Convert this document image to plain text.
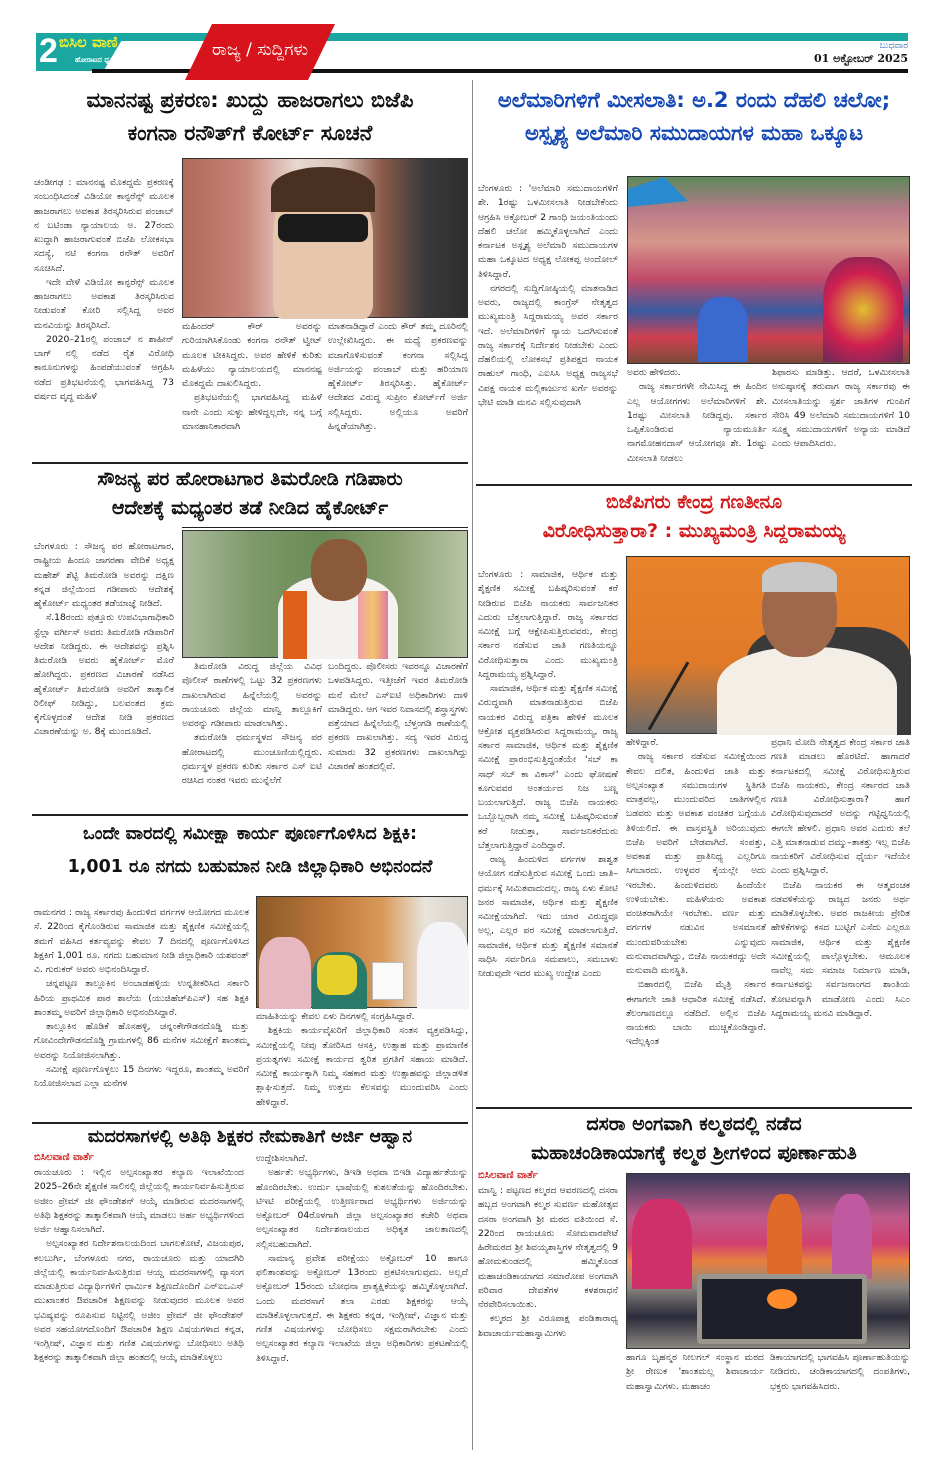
2 ಬಿಸಿಲ ವಾಣಿ
ಹೋರಾಟದ ಧ್ವನಿ	ರಾಜ್ಯ / ಸುದ್ದಿಗಳು	ಬುಧವಾರ
01 ಅಕ್ಟೋಬರ್ 2025
ಮಾನನಷ್ಟ ಪ್ರಕರಣ: ಖುದ್ದು ಹಾಜರಾಗಲು ಬಿಜೆಪಿ
ಕಂಗನಾ ರನೌತ್‌ಗೆ ಕೋರ್ಟ್ ಸೂಚನೆ

ಚಂಡೀಗಢ : ಮಾನನಷ್ಟ ಮೊಕದ್ದಮೆ ಪ್ರಕರಣಕ್ಕೆ ಸಂಬಂಧಿಸಿದಂತೆ ವಿಡಿಯೋ ಕಾನ್ಫರೆನ್ಸ್ ಮೂಲಕ ಹಾಜರಾಗಲು ಅವಕಾಶ ತಿರಸ್ಕರಿಸಿರುವ ಪಂಜಾಬ್ ನ ಬಟಿಂಡಾ ನ್ಯಾಯಾಲಯ ಅ. 27ರಂದು ಖುದ್ದಾಗಿ ಹಾಜರಾಗುವಂತೆ ಬಿಜೆಪಿ ಲೋಕಸಭಾ ಸದಸ್ಯೆ, ನಟಿ ಕಂಗನಾ ರನೌತ್ ಅವರಿಗೆ ಸೂಚಿಸಿದೆ.

ಇದೇ ವೇಳೆ ವಿಡಿಯೋ ಕಾನ್ಫರೆನ್ಸ್ ಮೂಲಕ ಹಾಜರಾಗಲು ಅವಕಾಶ ತಿರಸ್ಕರಿಸಿರುವ ನೀಡುವಂತೆ ಕೋರಿ ಸಲ್ಲಿಸಿದ್ದ ಅವರ ಮನವಿಯನ್ನು ತಿರಸ್ಕರಿಸಿದೆ.

2020–21ರಲ್ಲಿ ಪಂಜಾಬ್ ನ ಶಾಹೀನ್ ಬಾಗ್ ನಲ್ಲಿ ನಡೆದ ರೈತ ವಿರೋಧಿ ಕಾನೂನುಗಳನ್ನು ಹಿಂಪಡೆಯುವಂತೆ ಆಗ್ರಹಿಸಿ ನಡೆದ ಪ್ರತಿಭಟನೆಯಲ್ಲಿ ಭಾಗವಹಿಸಿದ್ದ 73 ವರ್ಷದ ವೃದ್ಧ ಮಹಿಳೆ

ಮಹಿಂದರ್ ಕೌರ್ ಅವರನ್ನು ಗುರಿಯಾಗಿಸಿಕೊಂಡು ಕಂಗನಾ ರನೌತ್ ಟ್ವೀಟ್ ಮೂಲಕ ಟೀಕಿಸಿದ್ದರು. ಅವರ ಹೇಳಿಕೆ ಕುರಿತು ಮಹಿಳೆಯು ನ್ಯಾಯಾಲಯದಲ್ಲಿ ಮಾನನಷ್ಟ ಮೊಕದ್ದಮೆ ದಾಖಲಿಸಿದ್ದರು.

ಪ್ರತಿಭಟನೆಯಲ್ಲಿ ಭಾಗವಹಿಸಿದ್ದ ಮಹಿಳೆ ನಾನೇ ಎಂದು ಸುಳ್ಳು ಹೇಳಿದ್ದಲ್ಲದೇ, ನನ್ನ ಬಗ್ಗೆ ಮಾನಹಾನಿಕಾರವಾಗಿ

ಮಾತನಾಡಿದ್ದಾರೆ ಎಂದು ಕೌರ್ ತಮ್ಮ ದೂರಿನಲ್ಲಿ ಉಲ್ಲೇಖಿಸಿದ್ದರು. ಈ ಮಧ್ಯೆ ಪ್ರಕರಣವನ್ನು ವಜಾಗೊಳಿಸುವಂತೆ ಕಂಗನಾ ಸಲ್ಲಿಸಿದ್ದ ಅರ್ಜಿಯನ್ನು ಪಂಜಾಬ್ ಮತ್ತು ಹರಿಯಾಣ ಹೈಕೋರ್ಟ್ ತಿರಸ್ಕರಿಸಿತ್ತು. ಹೈಕೋರ್ಟ್ ಆದೇಶದ ವಿರುದ್ಧ ಸುಪ್ರೀಂ ಕೋರ್ಟ್‌ಗೆ ಅರ್ಜಿ ಸಲ್ಲಿಸಿದ್ದರು. ಅಲ್ಲಿಯೂ ಅವರಿಗೆ ಹಿನ್ನಡೆಯಾಗಿತ್ತು.

ಅಲೆಮಾರಿಗಳಿಗೆ ಮೀಸಲಾತಿ: ಅ.2 ರಂದು ದೆಹಲಿ ಚಲೋ;
ಅಸ್ಪೃಶ್ಯ ಅಲೆಮಾರಿ ಸಮುದಾಯಗಳ ಮಹಾ ಒಕ್ಕೂಟ

ಬೆಂಗಳೂರು : 'ಅಲೆಮಾರಿ ಸಮುದಾಯಗಳಿಗೆ ಶೇ. 1ರಷ್ಟು ಒಳಮೀಸಲಾತಿ ನೀಡಬೇಕೆಂದು ಆಗ್ರಹಿಸಿ ಅಕ್ಟೋಬರ್ 2 ಗಾಂಧಿ ಜಯಂತಿಯಂದು ದೆಹಲಿ ಚಲೋ ಹಮ್ಮಿಕೊಳ್ಳಲಾಗಿದೆ ಎಂದು ಕರ್ನಾಟಕ ಅಸ್ಪೃಶ್ಯ ಅಲೆಮಾರಿ ಸಮುದಾಯಗಳ ಮಹಾ ಒಕ್ಕೂಟದ ಅಧ್ಯಕ್ಷ ಲೋಕಪ್ಪ ಅಂದೋಲ್ ತಿಳಿಸಿದ್ದಾರೆ.

ನಗರದಲ್ಲಿ ಸುದ್ದಿಗೋಷ್ಠಿಯಲ್ಲಿ ಮಾತನಾಡಿದ ಅವರು, ರಾಜ್ಯದಲ್ಲಿ ಕಾಂಗ್ರೆಸ್ ನೇತೃತ್ವದ ಮುಖ್ಯಮಂತ್ರಿ ಸಿದ್ದರಾಮಯ್ಯ ಅವರ ಸರ್ಕಾರ ಇದೆ. ಅಲೆಮಾರಿಗಳಿಗೆ ನ್ಯಾಯ ಒದಗಿಸುವಂತೆ ರಾಜ್ಯ ಸರ್ಕಾರಕ್ಕೆ ನಿರ್ದೇಶನ ನೀಡಬೇಕು ಎಂದು ದೆಹಲಿಯಲ್ಲಿ ಲೋಕಸಭೆ ಪ್ರತಿಪಕ್ಷದ ನಾಯಕ ರಾಹುಲ್ ಗಾಂಧಿ, ಎಐಸಿಸಿ ಅಧ್ಯಕ್ಷ ರಾಜ್ಯಸಭೆ ವಿಪಕ್ಷ ನಾಯಕ ಮಲ್ಲಿಕಾರ್ಜುನ ಖರ್ಗೆ ಅವರನ್ನು ಭೇಟಿ ಮಾಡಿ ಮನವಿ ಸಲ್ಲಿಸುವುದಾಗಿ

ಅವರು ಹೇಳಿದರು.

ರಾಜ್ಯ ಸರ್ಕಾರಗಳೇ ನೇಮಿಸಿದ್ದ ಈ ಹಿಂದಿನ ಎಲ್ಲ ಆಯೋಗಗಳು ಅಲೆಮಾರಿಗಳಿಗೆ ಶೇ. 1ರಷ್ಟು ಮೀಸಲಾತಿ ನೀಡಿದ್ದವು. ಸರ್ಕಾರ ಒಪ್ಪಿಕೊಂಡಿರುವ ನ್ಯಾಯಮೂರ್ತಿ ನಾಗಮೋಹನದಾಸ್ ಆಯೋಗವೂ ಶೇ. 1ರಷ್ಟು ಮೀಸಲಾತಿ ನೀಡಲು

ಶಿಫಾರಸು ಮಾಡಿತ್ತು. ಆದರೆ, ಒಳಮೀಸಲಾತಿ ಅನುಷ್ಠಾನಕ್ಕೆ ತರುವಾಗ ರಾಜ್ಯ ಸರ್ಕಾರವು ಈ ಮೀಸಲಾತಿಯನ್ನು ಸ್ಪರ್ಶ ಜಾತಿಗಳ ಗುಂಪಿಗೆ ಸೇರಿಸಿ 49 ಅಲೆಮಾರಿ ಸಮುದಾಯಗಳಿಗೆ 10 ಸೂಕ್ಷ್ಮ ಸಮುದಾಯಗಳಿಗೆ ಅನ್ಯಾಯ ಮಾಡಿದೆ ಎಂದು ಆಪಾದಿಸಿದರು.

ಸೌಜನ್ಯ ಪರ ಹೋರಾಟಗಾರ ತಿಮರೋಡಿ ಗಡಿಪಾರು
ಆದೇಶಕ್ಕೆ ಮಧ್ಯಂತರ ತಡೆ ನೀಡಿದ ಹೈಕೋರ್ಟ್

ಬೆಂಗಳೂರು : ಸೌಜನ್ಯ ಪರ ಹೋರಾಟಗಾರ, ರಾಷ್ಟ್ರೀಯ ಹಿಂದೂ ಜಾಗರಣಾ ವೇದಿಕೆ ಅಧ್ಯಕ್ಷ ಮಹೇಶ್ ಶೆಟ್ಟಿ ತಿಮರೋಡಿ ಅವರನ್ನು ದಕ್ಷಿಣ ಕನ್ನಡ ಜಿಲ್ಲೆಯಿಂದ ಗಡೀಪಾರು ಆದೇಶಕ್ಕೆ ಹೈಕೋರ್ಟ್ ಮಧ್ಯಂತರ ತಡೆಯಾಜ್ಞೆ ನೀಡಿದೆ.

ಸೆ.18ರಂದು ಪುತ್ತೂರು ಉಪವಿಭಾಗಾಧಿಕಾರಿ ಸ್ಟೆಲ್ಲಾ ವರ್ಗೀಸ್ ಅವರು ತಿಮರೋಡಿ ಗಡಿಪಾರಿಗೆ ಆದೇಶ ನೀಡಿದ್ದರು. ಈ ಆದೇಶವನ್ನು ಪ್ರಶ್ನಿಸಿ ತಿಮರೋಡಿ ಅವರು ಹೈಕೋರ್ಟ್ ಮೊರೆ ಹೋಗಿದ್ದರು. ಪ್ರಕರಣದ ವಿಚಾರಣೆ ನಡೆಸಿದ ಹೈಕೋರ್ಟ್ ತಿಮರೋಡಿ ಅವರಿಗೆ ತಾತ್ಕಾಲಿಕ ರಿಲೀಫ್ ನೀಡಿದ್ದು, ಬಲವಂತದ ಕ್ರಮ ಕೈಗೊಳ್ಳದಂತೆ ಆದೇಶ ನೀಡಿ ಪ್ರಕರಣದ ವಿಚಾರಣೆಯನ್ನು ಅ. 8ಕ್ಕೆ ಮುಂದೂಡಿದೆ.

ತಿಮರೋಡಿ ವಿರುದ್ಧ ಜಿಲ್ಲೆಯ ವಿವಿಧ ಪೊಲೀಸ್ ಠಾಣೆಗಳಲ್ಲಿ ಒಟ್ಟು 32 ಪ್ರಕರಣಗಳು ದಾಖಲಾಗಿರುವ ಹಿನ್ನೆಲೆಯಲ್ಲಿ ಅವರನ್ನು ರಾಯಚೂರು ಜಿಲ್ಲೆಯ ಮಾನ್ವಿ ತಾಲ್ಲೂಕಿಗೆ ಅವರನ್ನು ಗಡೀಪಾರು ಮಾಡಲಾಗಿತ್ತು.

ತಮರೋಡಿ ಧರ್ಮಸ್ಥಳದ ಸೌಜನ್ಯ ಪರ ಹೋರಾಟದಲ್ಲಿ ಮುಂಚೂಣಿಯಲ್ಲಿದ್ದರು. ಧರ್ಮಸ್ಥಳ ಪ್ರಕರಣ ಕುರಿತು ಸರ್ಕಾರ ಎಸ್ ಐಟಿ ರಚಿಸಿದ ನಂತರ ಇವರು ಮುನ್ನೆಲೆಗೆ

ಬಂದಿದ್ದರು. ಪೊಲೀಸರು ಇವರನ್ನೂ ವಿಚಾರಣೆಗೆ ಒಳಪಡಿಸಿದ್ದರು. ಇತ್ತೀಚೆಗೆ ಇವರ ತಿಮರೋಡಿ ಮನೆ ಮೇಲೆ ಎಸ್‌ಐಟಿ ಅಧಿಕಾರಿಗಳು ದಾಳಿ ಮಾಡಿದ್ದರು. ಆಗ ಇವರ ನಿವಾಸದಲ್ಲಿ ಶಸ್ತ್ರಾಸ್ತ್ರಗಳು ಪತ್ತೆಯಾದ ಹಿನ್ನೆಲೆಯಲ್ಲಿ ಬೆಳ್ತಂಗಡಿ ಠಾಣೆಯಲ್ಲಿ ಪ್ರಕರಣ ದಾಖಲಾಗಿತ್ತು. ಸದ್ಯ ಇವರ ವಿರುದ್ಧ ಸುಮಾರು 32 ಪ್ರಕರಣಗಳು ದಾಖಲಾಗಿದ್ದು ವಿಚಾರಣೆ ಹಂತದಲ್ಲಿವೆ.

ಬಿಜೆಪಿಗರು ಕೇಂದ್ರ ಗಣತೀನೂ
ವಿರೋಧಿಸುತ್ತಾರಾ? : ಮುಖ್ಯಮಂತ್ರಿ ಸಿದ್ದರಾಮಯ್ಯ

ಬೆಂಗಳೂರು : ಸಾಮಾಜಿಕ, ಆರ್ಥಿಕ ಮತ್ತು ಶೈಕ್ಷಣಿಕ ಸಮೀಕ್ಷೆ ಬಹಿಷ್ಕರಿಸುವಂತೆ ಕರೆ ನೀಡಿರುವ ಬಿಜೆಪಿ ನಾಯಕರು ಸಾರ್ವಜನಿಕರ ಎದುರು ಬೆತ್ತಲಾಗುತ್ತಿದ್ದಾರೆ. ರಾಜ್ಯ ಸರ್ಕಾರದ ಸಮೀಕ್ಷೆ ಬಗ್ಗೆ ಆಕ್ಷೇಪಿಸುತ್ತಿರುವವರು, ಕೇಂದ್ರ ಸರ್ಕಾರ ನಡೆಸುವ ಜಾತಿ ಗಣತಿಯನ್ನೂ ವಿರೋಧಿಸುತ್ತಾರಾ ಎಂದು ಮುಖ್ಯಮಂತ್ರಿ ಸಿದ್ದರಾಮಯ್ಯ ಪ್ರಶ್ನಿಸಿದ್ದಾರೆ.

ಸಾಮಾಜಿಕ, ಆರ್ಥಿಕ ಮತ್ತು ಶೈಕ್ಷಣಿಕ ಸಮೀಕ್ಷೆ ವಿರುದ್ಧವಾಗಿ ಮಾತನಾಡುತ್ತಿರುವ ಬಿಜೆಪಿ ನಾಯಕರ ವಿರುದ್ಧ ಪತ್ರಿಕಾ ಹೇಳಿಕೆ ಮೂಲಕ ಆಕ್ರೋಶ ವ್ಯಕ್ತಪಡಿಸಿರುವ ಸಿದ್ದರಾಮಯ್ಯ, ರಾಜ್ಯ ಸರ್ಕಾರ ಸಾಮಾಜಿಕ, ಆರ್ಥಿಕ ಮತ್ತು ಶೈಕ್ಷಣಿಕ ಸಮೀಕ್ಷೆ ಪ್ರಾರಂಭಿಸುತ್ತಿದ್ದಂತೆಯೇ 'ಸಬ್ ಕಾ ಸಾಥ್ ಸಬ್ ಕಾ ವಿಕಾಸ್' ಎಂದು ಘೋಷಣೆ ಕೂಗುವವರ ಅಂತರ್ಯದ ನಿಜ ಬಣ್ಣ ಬಯಲಾಗುತ್ತಿದೆ. ರಾಜ್ಯ ಬಿಜೆಪಿ ನಾಯಕರು ಒಬ್ಬೊಬ್ಬರಾಗಿ ನಮ್ಮ ಸಮೀಕ್ಷೆ ಬಹಿಷ್ಕರಿಸುವಂತೆ ಕರೆ ನೀಡುತ್ತಾ, ಸಾರ್ವಜನಿಕರೆದುರು ಬೆತ್ತಲಾಗುತ್ತಿದ್ದಾರೆ ಎಂದಿದ್ದಾರೆ.

ರಾಜ್ಯ ಹಿಂದುಳಿದ ವರ್ಗಗಳ ಶಾಶ್ವತ ಆಯೋಗ ನಡೆಸುತ್ತಿರುವ ಸಮೀಕ್ಷೆ ಒಂದು ಜಾತಿ–ಧರ್ಮಕ್ಕೆ ಸೀಮಿತವಾದುದಲ್ಲ. ರಾಜ್ಯ ಏಳು ಕೋಟಿ ಜನರ ಸಾಮಾಜಿಕ, ಆರ್ಥಿಕ ಮತ್ತು ಶೈಕ್ಷಣಿಕ ಸಮೀಕ್ಷೆಯಾಗಿದೆ. ಇದು ಯಾರ ವಿರುದ್ಧವೂ ಅಲ್ಲ, ಎಲ್ಲರ ಪರ ಸಮೀಕ್ಷೆ ಮಾಡಲಾಗುತ್ತಿದೆ. ಸಾಮಾಜಿಕ, ಆರ್ಥಿಕ ಮತ್ತು ಶೈಕ್ಷಣಿಕ ಸಮಾನತೆ ಸಾಧಿಸಿ ಸರ್ವರಿಗೂ ಸಮಪಾಲು, ಸಮಬಾಳು ನೀಡುವುದೇ ಇದರ ಮುಖ್ಯ ಉದ್ದೇಶ ಎಂದು

ಹೇಳಿದ್ದಾರೆ.

ರಾಜ್ಯ ಸರ್ಕಾರ ನಡೆಸುವ ಸಮೀಕ್ಷೆಯಿಂದ ಕೇವಲ ದಲಿತ, ಹಿಂದುಳಿದ ಜಾತಿ ಮತ್ತು ಅಲ್ಪಸಂಖ್ಯಾತ ಸಮುದಾಯಗಳ ಸ್ಥಿತಿಗತಿ ಮಾತ್ರವಲ್ಲ, ಮುಂದುವರಿದ ಜಾತಿಗಳಲ್ಲಿನ ಬಡವರು ಮತ್ತು ಅವಕಾಶ ವಂಚಿತರ ಬಗ್ಗೆಯೂ ತಿಳಿಯಲಿದೆ. ಈ ವಾಸ್ತವಸ್ಥಿತಿ ಅರಿಯುವುದು ಬಿಜೆಪಿ ಅವರಿಗೆ ಬೇಡವಾಗಿದೆ. ಸಂಪತ್ತು, ಅವಕಾಶ ಮತ್ತು ಪ್ರಾತಿನಿಧ್ಯ ಎಲ್ಲರಿಗೂ ಸಿಗಬಾರದು. ಉಳ್ಳವರ ಕೈಯಲ್ಲೇ ಅದು ಇರಬೇಕು. ಹಿಂದುಳಿದವರು ಹಿಂದೆಯೇ ಉಳಿಯಬೇಕು. ಮಹಿಳೆಯರು ಅವಕಾಶ ವಂಚಿತರಾಗಿಯೇ ಇರಬೇಕು. ವರ್ಣ ಮತ್ತು ವರ್ಗಗಳ ನಡುವಿನ ಅಸಮಾನತೆ ಮುಂದುವರಿಯಬೇಕು ಎನ್ನುವುದು ಮನುವಾದವಾಗಿದ್ದು, ಬಿಜೆಪಿ ನಾಯಕರದ್ದು ಅದೇ ಮನುವಾದಿ ಮನಸ್ಥಿತಿ.

ಬಿಹಾರದಲ್ಲಿ ಬಿಜೆಪಿ ಮೈತ್ರಿ ಸರ್ಕಾರ ಈಗಾಗಲೇ ಜಾತಿ ಆಧಾರಿತ ಸಮೀಕ್ಷೆ ನಡೆಸಿದೆ. ತೆಲಂಗಾಣದಲ್ಲೂ ನಡೆದಿದೆ. ಅಲ್ಲಿನ ಬಿಜೆಪಿ ನಾಯಕರು ಬಾಯಿ ಮುಚ್ಚಿಕೊಂಡಿದ್ದಾರೆ. ಇದೆಲ್ಲಕ್ಕಿಂತ

ಪ್ರಧಾನಿ ಮೋದಿ ನೇತೃತ್ವದ ಕೇಂದ್ರ ಸರ್ಕಾರ ಜಾತಿ ಗಣತಿ ಮಾಡಲು ಹೊರಟಿದೆ. ಹಾಗಾದರೆ ಕರ್ನಾಟಕದಲ್ಲಿ ಸಮೀಕ್ಷೆ ವಿರೋಧಿಸುತ್ತಿರುವ ಬಿಜೆಪಿ ನಾಯಕರು, ಕೇಂದ್ರ ಸರ್ಕಾರದ ಜಾತಿ ಗಣತಿ ವಿರೋಧಿಸುತ್ತಾರಾ? ಹಾಗೆ ವಿರೋಧಿಸುವುದಾದರೆ ಅದನ್ನು ಗಟ್ಟಿಧ್ವನಿಯಲ್ಲಿ ಈಗಲೇ ಹೇಳಲಿ. ಪ್ರಧಾನಿ ಅವರ ಎದುರು ತಲೆ ಎತ್ತಿ ಮಾತನಾಡುವ ದಮ್ಮು–ತಾಕತ್ತು ಇಲ್ಲ ಬಿಜೆಪಿ ನಾಯಕರಿಗೆ ವಿರೋಧಿಸುವ ಧೈರ್ಯ ಇದೆಯೇ ಎಂದು ಪ್ರಶ್ನಿಸಿದ್ದಾರೆ.

ಬಿಜೆಪಿ ನಾಯಕರ ಈ ಆತ್ಮವಂಚಕ ನಡವಳಿಕೆಯನ್ನು ರಾಜ್ಯದ ಜನರು ಅರ್ಥ ಮಾಡಿಕೊಳ್ಳಬೇಕು. ಅವರ ರಾಜಕೀಯ ಪ್ರೇರಿತ ಹೇಳಿಕೆಗಳನ್ನು ಕಸದ ಬುಟ್ಟಿಗೆ ಎಸೆದು ಎಲ್ಲರೂ ಸಾಮಾಜಿಕ, ಆರ್ಥಿಕ ಮತ್ತು ಶೈಕ್ಷಣಿಕ ಸಮೀಕ್ಷೆಯಲ್ಲಿ ಪಾಲ್ಗೊಳ್ಳಬೇಕು. ಆಮೂಲಕ ನಾವೆಲ್ಲ ಸಮ ಸಮಾಜ ನಿರ್ಮಾಣ ಮಾಡಿ, ಕರ್ನಾಟಕವನ್ನು ಸರ್ವಜನಾಂಗದ ಶಾಂತಿಯ ತೋಟವನ್ನಾಗಿ ಮಾಡೋಣ ಎಂದು ಸಿಎಂ ಸಿದ್ದರಾಮಯ್ಯ ಮನವಿ ಮಾಡಿದ್ದಾರೆ.

ಒಂದೇ ವಾರದಲ್ಲಿ ಸಮೀಕ್ಷಾ ಕಾರ್ಯ ಪೂರ್ಣಗೊಳಿಸಿದ ಶಿಕ್ಷಕಿ:
1,001 ರೂ ನಗದು ಬಹುಮಾನ ನೀಡಿ ಜಿಲ್ಲಾಧಿಕಾರಿ ಅಭಿನಂದನೆ

ರಾಮನಗರ : ರಾಜ್ಯ ಸರ್ಕಾರವು ಹಿಂದುಳಿದ ವರ್ಗಗಳ ಆಯೋಗದ ಮೂಲಕ ಸೆ. 22ರಿಂದ ಕೈಗೊಂಡಿರುವ ಸಾಮಾಜಿಕ ಮತ್ತು ಶೈಕ್ಷಣಿಕ ಸಮೀಕ್ಷೆಯಲ್ಲಿ ತಮಗೆ ವಹಿಸಿದ ಕರ್ತವ್ಯವನ್ನು ಕೇವಲ 7 ದಿನದಲ್ಲಿ ಪೂರ್ಣಗೊಳಿಸಿದ ಶಿಕ್ಷಕಿಗೆ 1,001 ರೂ. ನಗದು ಬಹುಮಾನ ನೀಡಿ ಜಿಲ್ಲಾಧಿಕಾರಿ ಯಶವಂತ್ ವಿ. ಗುರುಕರ್ ಅವರು ಅಭಿನಂದಿಸಿದ್ದಾರೆ.

ಚನ್ನಪಟ್ಟಣ ತಾಲ್ಲೂಕಿನ ಅಂಬಾಡಹಳ್ಳಿಯ ಉನ್ನತೀಕರಿಸಿದ ಸರ್ಕಾರಿ ಹಿರಿಯ ಪ್ರಾಥಮಿಕ ಪಾಠ ಶಾಲೆಯ (ಯುಜಿಹೆಚ್‌ಪಿಎಸ್) ಸಹ ಶಿಕ್ಷಕಿ ಶಾಂತಮ್ಮ ಅವರಿಗೆ ಜಿಲ್ಲಾಧಿಕಾರಿ ಅಭಿನಂದಿಸಿದ್ದಾರೆ.

ತಾಲ್ಲೂಕಿನ ಹೊಡಿಕೆ ಹೊಸಹಳ್ಳಿ, ಚನ್ನಂಕೇಗೌಡನದೊಡ್ಡಿ ಮತ್ತು ಗೋವಿಂದೇಗೌಡನದೊಡ್ಡಿ ಗ್ರಾಮಗಳಲ್ಲಿ 86 ಮನೆಗಳ ಸಮೀಕ್ಷೆಗೆ ಶಾಂತಮ್ಮ ಅವರನ್ನು ನಿಯೋಜಿಸಲಾಗಿತ್ತು.

ಸಮೀಕ್ಷೆ ಪೂರ್ಣಗೊಳ್ಳಲು 15 ದಿನಗಳು ಇದ್ದರೂ, ಶಾಂತಮ್ಮ ಅವರಿಗೆ ನಿಯೋಜಿಸಲಾದ ಎಲ್ಲಾ ಮನೆಗಳ

ಮಾಹಿತಿಯನ್ನು ಕೇವಲ ಏಳು ದಿನಗಳಲ್ಲಿ ಸಂಗ್ರಹಿಸಿದ್ದಾರೆ.

ಶಿಕ್ಷಕಿಯ ಕಾರ್ಯವೈಖರಿಗೆ ಜಿಲ್ಲಾಧಿಕಾರಿ ಸಂತಸ ವ್ಯಕ್ತಪಡಿಸಿದ್ದು, ಸಮೀಕ್ಷೆಯಲ್ಲಿ ನೀವು ತೋರಿಸಿದ ಆಸಕ್ತಿ, ಉತ್ಸಾಹ ಮತ್ತು ಪ್ರಾಮಾಣಿಕ ಪ್ರಯತ್ನಗಳು ಸಮೀಕ್ಷೆ ಕಾರ್ಯದ ತ್ವರಿತ ಪ್ರಗತಿಗೆ ಸಹಾಯ ಮಾಡಿದೆ. ಸಮೀಕ್ಷೆ ಕಾರ್ಯಕ್ಕಾಗಿ ನಿಮ್ಮ ಸಹಕಾರ ಮತ್ತು ಉತ್ಸಾಹವನ್ನು ಜಿಲ್ಲಾಡಳಿತ ಶ್ಲಾಘಿಸುತ್ತದೆ. ನಿಮ್ಮ ಉತ್ತಮ ಕೆಲಸವನ್ನು ಮುಂದುವರಿಸಿ ಎಂದು ಹೇಳಿದ್ದಾರೆ.

ಮದರಸಾಗಳಲ್ಲಿ ಅತಿಥಿ ಶಿಕ್ಷಕರ ನೇಮಕಾತಿಗೆ ಅರ್ಜಿ ಆಹ್ವಾನ
ಬಿಸಿಲವಾಣಿ ವಾರ್ತೆ

ರಾಯಚೂರು : ಇಲ್ಲಿನ ಅಲ್ಪಸಂಖ್ಯಾತರ ಕಲ್ಯಾಣ ಇಲಾಖೆಯಿಂದ 2025–26ನೇ ಶೈಕ್ಷಣಿಕ ಸಾಲಿನಲ್ಲಿ ಜಿಲ್ಲೆಯಲ್ಲಿ ಕಾರ್ಯನಿರ್ವಹಿಸುತ್ತಿರುವ ಅಜೀಂ ಪ್ರೇಮ್ ಜೀ ಫೌಂಡೇಶನ್ ಆಯ್ಕೆ ಮಾಡಿರುವ ಮದರಸಾಗಳಲ್ಲಿ ಅತಿಥಿ ಶಿಕ್ಷಕರನ್ನು ತಾತ್ಕಾಲಿಕವಾಗಿ ಆಯ್ಕೆ ಮಾಡಲು ಅರ್ಹ ಅಭ್ಯರ್ಥಿಗಳಿಂದ ಅರ್ಜಿ ಆಹ್ವಾನಿಸಲಾಗಿದೆ.

ಅಲ್ಪಸಂಖ್ಯಾತರ ನಿರ್ದೇಶನಾಲಯದಿಂದ ಬಾಗಲಕೋಟೆ, ವಿಜಯಪುರ, ಕಲಬುರ್ಗಿ, ಬೆಂಗಳೂರು ನಗರ, ರಾಯಚೂರು ಮತ್ತು ಯಾದಗಿರಿ ಜಿಲ್ಲೆಯಲ್ಲಿ ಕಾರ್ಯನಿರ್ವಹಿಸುತ್ತಿರುವ ಆಯ್ದ ಮದರಸಾಗಳಲ್ಲಿ ವ್ಯಾಸಂಗ ಮಾಡುತ್ತಿರುವ ವಿದ್ಯಾರ್ಥಿಗಳಿಗೆ ಧಾರ್ಮಿಕ ಶಿಕ್ಷಣದೊಂದಿಗೆ ಎನ್‌ಐಒಎಸ್ ಮುಖಾಂತರ ಔಪಚಾರಿಕ ಶಿಕ್ಷಣವನ್ನು ನೀಡುವುದರ ಮೂಲಕ ಅವರ ಭವಿಷ್ಯವನ್ನು ರೂಪಿಸುವ ನಿಟ್ಟಿನಲ್ಲಿ ಅಜೀಂ ಪ್ರೇಮ್ ಜೀ ಫೌಂಡೇಶನ್ ಅವರ ಸಹಯೋಗದೊಂದಿಗೆ ಔಪಚಾರಿಕ ಶಿಕ್ಷಣ ವಿಷಯಗಳಾದ ಕನ್ನಡ, ಇಂಗ್ಲೀಷ್, ವಿಜ್ಞಾನ ಮತ್ತು ಗಣಿತ ವಿಷಯಗಳನ್ನು ಬೋಧಿಸಲು ಅತಿಥಿ ಶಿಕ್ಷಕರನ್ನು ತಾತ್ಕಾಲಿಕವಾಗಿ ಜಿಲ್ಲಾ ಹಂತದಲ್ಲಿ ಆಯ್ಕೆ ಮಾಡಿಕೊಳ್ಳಲು

ಉದ್ದೇಶಿಸಲಾಗಿದೆ.

ಅರ್ಹತೆ: ಅಭ್ಯರ್ಥಿಗಳು, ಡಿಇಡಿ ಅಥವಾ ಬಿಇಡಿ ವಿದ್ಯಾರ್ಹತೆಯನ್ನು ಹೊಂದಿರಬೇಕು. ಉರ್ದು ಭಾಷೆಯಲ್ಲಿ ಕುಶಲತೆಯನ್ನು ಹೊಂದಿರಬೇಕು. ಟಿಇಟಿ ಪರೀಕ್ಷೆಯಲ್ಲಿ ಉತ್ತೀರ್ಣರಾದ ಅಭ್ಯರ್ಥಿಗಳು ಅರ್ಜಿಯನ್ನು ಅಕ್ಟೋಬರ್ 04ರೊಳಗಾಗಿ ಜಿಲ್ಲಾ ಅಲ್ಪಸಂಖ್ಯಾತರ ಕಚೇರಿ ಅಥವಾ ಅಲ್ಪಸಂಖ್ಯಾತರ ನಿರ್ದೇಶನಾಲಯದ ಅಧಿಕೃತ ಜಾಲತಾಣದಲ್ಲಿ ಸಲ್ಲಿಸಬಹುದಾಗಿದೆ.

ಸಾಮಾನ್ಯ ಪ್ರವೇಶ ಪರೀಕ್ಷೆಯು ಅಕ್ಟೋಬರ್ 10 ಹಾಗೂ ಫಲಿತಾಂಶವನ್ನು ಅಕ್ಟೋಬರ್ 13ರಂದು ಪ್ರಕಟಿಸಲಾಗುವುದು. ಅಲ್ಲದೆ ಅಕ್ಟೋಬರ್ 15ರಂದು ಬೋಧನಾ ಪ್ರಾತ್ಯಕ್ಷಿಕೆಯನ್ನು ಹಮ್ಮಿಕೊಳ್ಳಲಾಗಿದೆ. ಒಂದು ಮದರಸಾಗೆ ತಲಾ ಎರಡು ಶಿಕ್ಷಕರನ್ನು ಆಯ್ಕೆ ಮಾಡಿಕೊಳ್ಳಲಾಗುತ್ತದೆ. ಈ ಶಿಕ್ಷಕರು ಕನ್ನಡ, ಇಂಗ್ಲೀಷ್, ವಿಜ್ಞಾನ ಮತ್ತು ಗಣಿತ ವಿಷಯಗಳನ್ನು ಬೋಧಿಸಲು ಸಕ್ಷಮರಾಗಿರಬೇಕು ಎಂದು ಅಲ್ಪಸಂಖ್ಯಾತರ ಕಲ್ಯಾಣ ಇಲಾಖೆಯ ಜಿಲ್ಲಾ ಅಧಿಕಾರಿಗಳು ಪ್ರಕಟಣೆಯಲ್ಲಿ ತಿಳಿಸಿದ್ದಾರೆ.

ದಸರಾ ಅಂಗವಾಗಿ ಕಲ್ಮಠದಲ್ಲಿ ನಡೆದ
ಮಹಾಚಂಡಿಕಾಯಾಗಕ್ಕೆ ಕಲ್ಮಠ ಶ್ರೀಗಳಿಂದ ಪೂರ್ಣಾಹುತಿ
ಬಿಸಿಲವಾಣಿ ವಾರ್ತೆ

ಮಾನ್ವಿ : ಪಟ್ಟಣದ ಕಲ್ಮಠದ ಆವರಣದಲ್ಲಿ ದಸರಾ ಹಬ್ಬದ ಅಂಗವಾಗಿ ಕಲ್ಮಠ ಸುವರ್ಣ ಮಹೋತ್ಸವ ದಸರಾ ಅಂಗವಾಗಿ ಶ್ರೀ ಮಠದ ವತಿಯಿಂದ ಸೆ. 22ರಿಂದ ರಾಯಚೂರು ಸೋಮವಾರಪೇಟೆ ಹಿರೇಮಠದ ಶ್ರೀ ಶಿವಯ್ಯಶಾಸ್ತ್ರಿಗಳ ನೇತೃತ್ವದಲ್ಲಿ 9 ಹೋಮಕುಂಡದಲ್ಲಿ ಹಮ್ಮಿಕೊಂಡ ಮಹಾಚಂಡಿಕಾಯಾಗದ ಸಮಾರೋಪ ಅಂಗವಾಗಿ ಪರಿವಾರ ದೇವತೆಗಳ ಕಳಶರಾಧನೆ ನೆರವೇರಿಸಲಾಯಿತು.

ಕಲ್ಮಠದ ಶ್ರೀ ವಿರೂಪಾಕ್ಷ ಪಂಡಿತಾರಾಧ್ಯ ಶಿವಾಚಾರ್ಯಮಹಾಸ್ವಾಮಿಗಳು

ಹಾಗೂ ಬೃಹನ್ಮಠ ನೀಲಗಲ್ ಸಂಸ್ಥಾನ ಮಠದ ಶ್ರೀ ರೇಣುಕ 'ಶಾಂತಮಲ್ಲ ಶಿವಾಚಾರ್ಯ ಮಹಾಸ್ವಾಮಿಗಳು. ಮಹಾಚಂ

ಡಿಕಾಯಾಗದಲ್ಲಿ ಭಾಗವಹಿಸಿ ಪೂರ್ಣಾಹುತಿಯನ್ನು ನೀಡಿದರು. ಚಂಡಿಕಾಯಾಗದಲ್ಲಿ ದಂಪತಿಗಳು, ಭಕ್ತರು ಭಾಗವಹಿಸಿದರು.
